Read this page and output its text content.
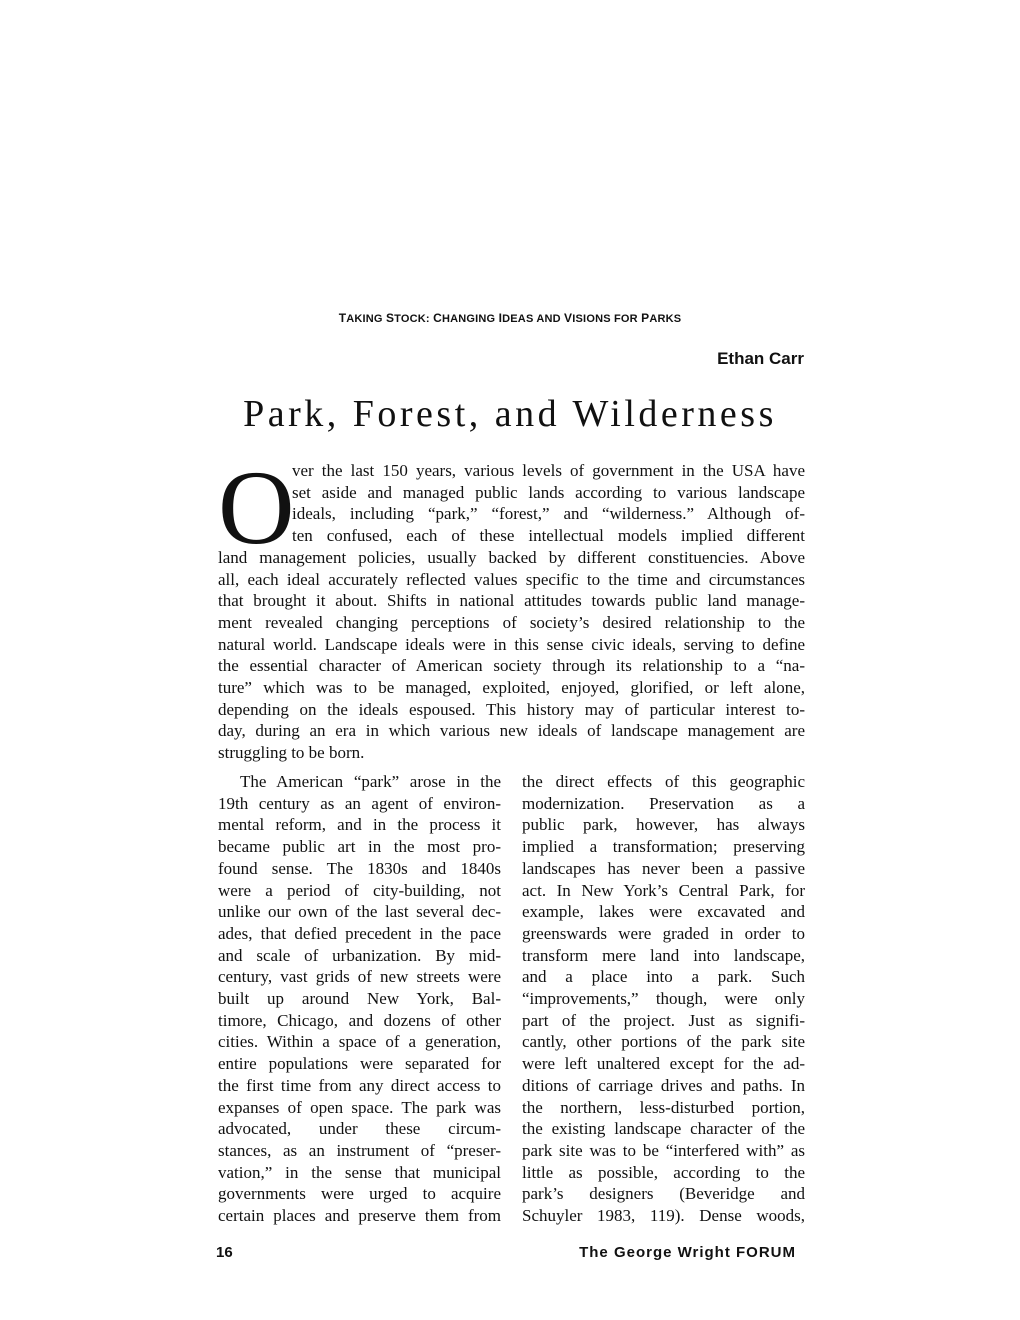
TAKING STOCK: CHANGING IDEAS AND VISIONS FOR PARKS
Ethan Carr
Park, Forest, and Wilderness
O
ver the last 150 years, various levels of government in the USA have
set aside and managed public lands according to various landscape
ideals, including “park,” “forest,” and “wilderness.” Although of-
ten confused, each of these intellectual models implied different
land management policies, usually backed by different constituencies. Above
all, each ideal accurately reflected values specific to the time and circumstances
that brought it about. Shifts in national attitudes towards public land manage-
ment revealed changing perceptions of society’s desired relationship to the
natural world. Landscape ideals were in this sense civic ideals, serving to define
the essential character of American society through its relationship to a “na-
ture” which was to be managed, exploited, enjoyed, glorified, or left alone,
depending on the ideals espoused. This history may of particular interest to-
day, during an era in which various new ideals of landscape management are
struggling to be born.
The American “park” arose in the
19th century as an agent of environ-
mental reform, and in the process it
became public art in the most pro-
found sense. The 1830s and 1840s
were a period of city-building, not
unlike our own of the last several dec-
ades, that defied precedent in the pace
and scale of urbanization. By mid-
century, vast grids of new streets were
built up around New York, Bal-
timore, Chicago, and dozens of other
cities. Within a space of a generation,
entire populations were separated for
the first time from any direct access to
expanses of open space. The park was
advocated, under these circum-
stances, as an instrument of “preser-
vation,” in the sense that municipal
governments were urged to acquire
certain places and preserve them from
the direct effects of this geographic
modernization. Preservation as a
public park, however, has always
implied a transformation; preserving
landscapes has never been a passive
act. In New York’s Central Park, for
example, lakes were excavated and
greenswards were graded in order to
transform mere land into landscape,
and a place into a park. Such
“improvements,” though, were only
part of the project. Just as signifi-
cantly, other portions of the park site
were left unaltered except for the ad-
ditions of carriage drives and paths. In
the northern, less-disturbed portion,
the existing landscape character of the
park site was to be “interfered with” as
little as possible, according to the
park’s designers (Beveridge and
Schuyler 1983, 119). Dense woods,
16	The George Wright FORUM
